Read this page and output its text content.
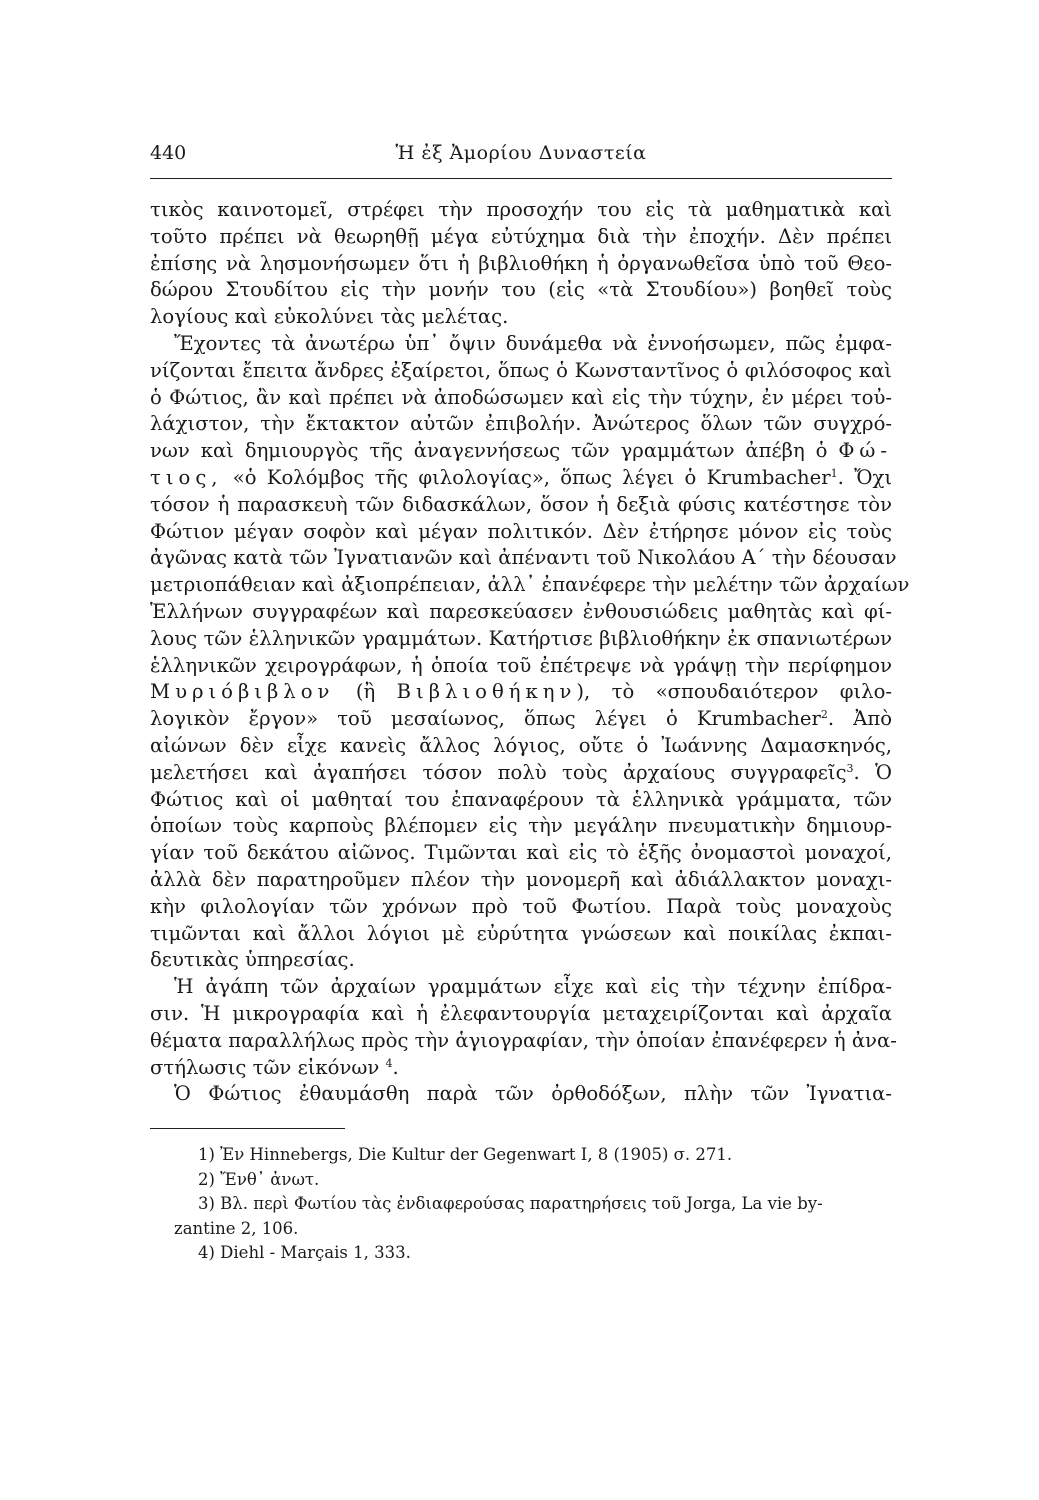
440	Ἡ ἐξ Ἀμορίου Δυναστεία
τικὸς καινοτομεῖ, στρέφει τὴν προσοχήν του εἰς τὰ μαθηματικὰ καὶ
τοῦτο πρέπει νὰ θεωρηθῇ μέγα εὐτύχημα διὰ τὴν ἐποχήν. Δὲν πρέπει
ἐπίσης νὰ λησμονήσωμεν ὅτι ἡ βιβλιοθήκη ἡ ὀργανωθεῖσα ὑπὸ τοῦ Θεο-
δώρου Στουδίτου εἰς τὴν μονήν του (εἰς «τὰ Στουδίου») βοηθεῖ τοὺς
λογίους καὶ εὐκολύνει τὰς μελέτας.
Ἔχοντες τὰ ἀνωτέρω ὑπ᾽ ὄψιν δυνάμεθα νὰ ἐννοήσωμεν, πῶς ἐμφα-
νίζονται ἔπειτα ἄνδρες ἐξαίρετοι, ὅπως ὁ Κωνσταντῖνος ὁ φιλόσοφος καὶ
ὁ Φώτιος, ἂν καὶ πρέπει νὰ ἀποδώσωμεν καὶ εἰς τὴν τύχην, ἐν μέρει τοὐ-
λάχιστον, τὴν ἔκτακτον αὐτῶν ἐπιβολήν. Ἀνώτερος ὅλων τῶν συγχρό-
νων καὶ δημιουργὸς τῆς ἀναγεννήσεως τῶν γραμμάτων ἀπέβη ὁ Φώ-
τιος, «ὁ Κολόμβος τῆς φιλολογίας», ὅπως λέγει ὁ Krumbacher$^1$. Ὄχι
τόσον ἡ παρασκευὴ τῶν διδασκάλων, ὅσον ἡ δεξιὰ φύσις κατέστησε τὸν
Φώτιον μέγαν σοφὸν καὶ μέγαν πολιτικόν. Δὲν ἐτήρησε μόνον εἰς τοὺς
ἀγῶνας κατὰ τῶν Ἰγνατιανῶν καὶ ἀπέναντι τοῦ Νικολάου Α΄ τὴν δέουσαν
μετριοπάθειαν καὶ ἀξιοπρέπειαν, ἀλλ᾽ ἐπανέφερε τὴν μελέτην τῶν ἀρχαίων
Ἑλλήνων συγγραφέων καὶ παρεσκεύασεν ἐνθουσιώδεις μαθητὰς καὶ φί-
λους τῶν ἑλληνικῶν γραμμάτων. Κατήρτισε βιβλιοθήκην ἐκ σπανιωτέρων
ἑλληνικῶν χειρογράφων, ἡ ὁποία τοῦ ἐπέτρεψε νὰ γράψῃ τὴν περίφημον
Μυριόβιβλον (ἢ Βιβλιοθήκην), τὸ «σπουδαιότερον φιλο-
λογικὸν ἔργον» τοῦ μεσαίωνος, ὅπως λέγει ὁ Krumbacher$^2$. Ἀπὸ
αἰώνων δὲν εἶχε κανεὶς ἄλλος λόγιος, οὔτε ὁ Ἰωάννης Δαμασκηνός,
μελετήσει καὶ ἀγαπήσει τόσον πολὺ τοὺς ἀρχαίους συγγραφεῖς$^3$. Ὁ
Φώτιος καὶ οἱ μαθηταί του ἐπαναφέρουν τὰ ἑλληνικὰ γράμματα, τῶν
ὁποίων τοὺς καρποὺς βλέπομεν εἰς τὴν μεγάλην πνευματικὴν δημιουρ-
γίαν τοῦ δεκάτου αἰῶνος. Τιμῶνται καὶ εἰς τὸ ἑξῆς ὀνομαστοὶ μοναχοί,
ἀλλὰ δὲν παρατηροῦμεν πλέον τὴν μονομερῆ καὶ ἀδιάλλακτον μοναχι-
κὴν φιλολογίαν τῶν χρόνων πρὸ τοῦ Φωτίου. Παρὰ τοὺς μοναχοὺς
τιμῶνται καὶ ἄλλοι λόγιοι μὲ εὐρύτητα γνώσεων καὶ ποικίλας ἐκπαι-
δευτικὰς ὑπηρεσίας.
Ἡ ἀγάπη τῶν ἀρχαίων γραμμάτων εἶχε καὶ εἰς τὴν τέχνην ἐπίδρα-
σιν. Ἡ μικρογραφία καὶ ἡ ἐλεφαντουργία μεταχειρίζονται καὶ ἀρχαῖα
θέματα παραλλήλως πρὸς τὴν ἁγιογραφίαν, τὴν ὁποίαν ἐπανέφερεν ἡ ἀνα-
στήλωσις τῶν εἰκόνων $^4$.
Ὁ Φώτιος ἐθαυμάσθη παρὰ τῶν ὀρθοδόξων, πλὴν τῶν Ἰγνατια-
1) Ἐν Hinnebergs, Die Kultur der Gegenwart I, 8 (1905) σ. 271.
2) Ἔνθ᾽ ἀνωτ.
3) Βλ. περὶ Φωτίου τὰς ἐνδιαφερούσας παρατηρήσεις τοῦ Jorga, La vie by-
zantine 2, 106.
4) Diehl - Marçais 1, 333.
